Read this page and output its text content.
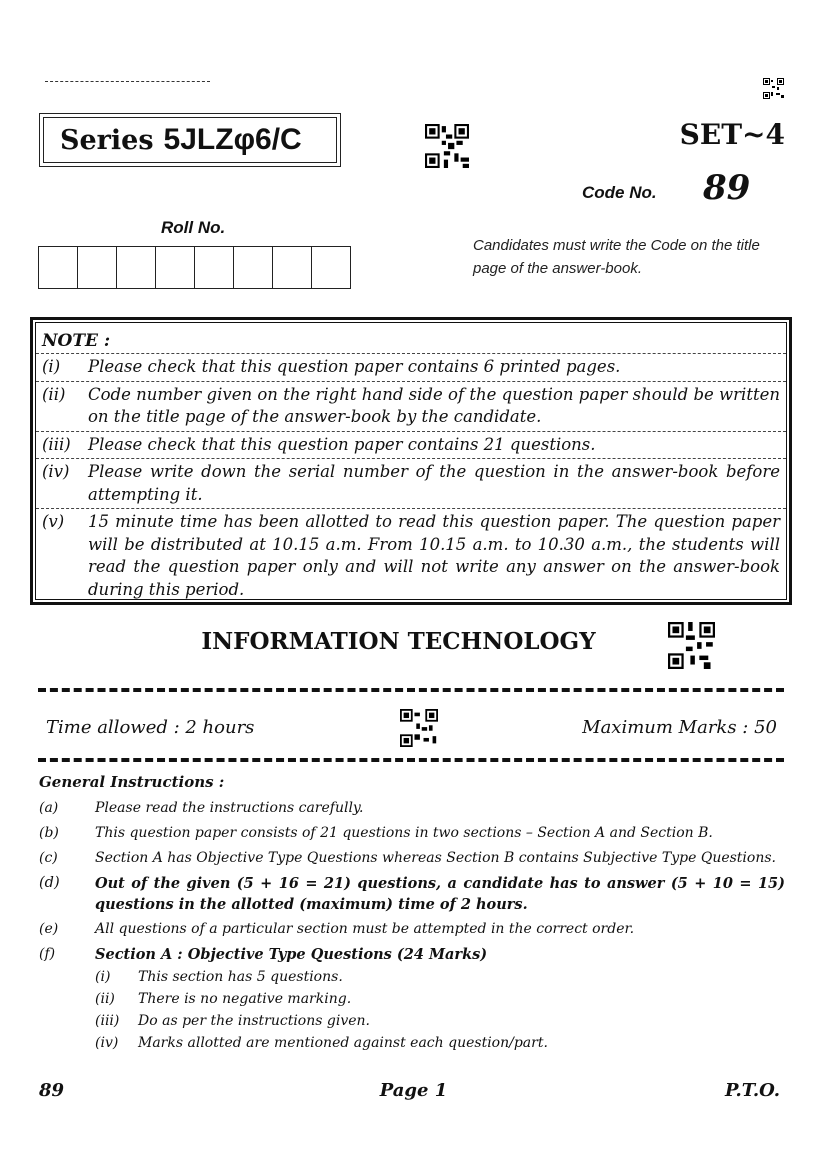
Series 5JLZφ6/C	SET~4
Code No. 89
Roll No.
Candidates must write the Code on the title page of the answer-book.
NOTE :
(i)	Please check that this question paper contains 6 printed pages.
(ii)	Code number given on the right hand side of the question paper should be written on the title page of the answer-book by the candidate.
(iii)	Please check that this question paper contains 21 questions.
(iv)	Please write down the serial number of the question in the answer-book before attempting it.
(v)	15 minute time has been allotted to read this question paper. The question paper will be distributed at 10.15 a.m. From 10.15 a.m. to 10.30 a.m., the students will read the question paper only and will not write any answer on the answer-book during this period.
INFORMATION TECHNOLOGY
Time allowed : 2 hours	Maximum Marks : 50
General Instructions :
(a)	Please read the instructions carefully.
(b)	This question paper consists of 21 questions in two sections – Section A and Section B.
(c)	Section A has Objective Type Questions whereas Section B contains Subjective Type Questions.
(d)	Out of the given (5 + 16 = 21) questions, a candidate has to answer (5 + 10 = 15) questions in the allotted (maximum) time of 2 hours.
(e)	All questions of a particular section must be attempted in the correct order.
(f)	Section A : Objective Type Questions (24 Marks)
(i)	This section has 5 questions.
(ii)	There is no negative marking.
(iii)	Do as per the instructions given.
(iv)	Marks allotted are mentioned against each question/part.
89	Page 1	P.T.O.
